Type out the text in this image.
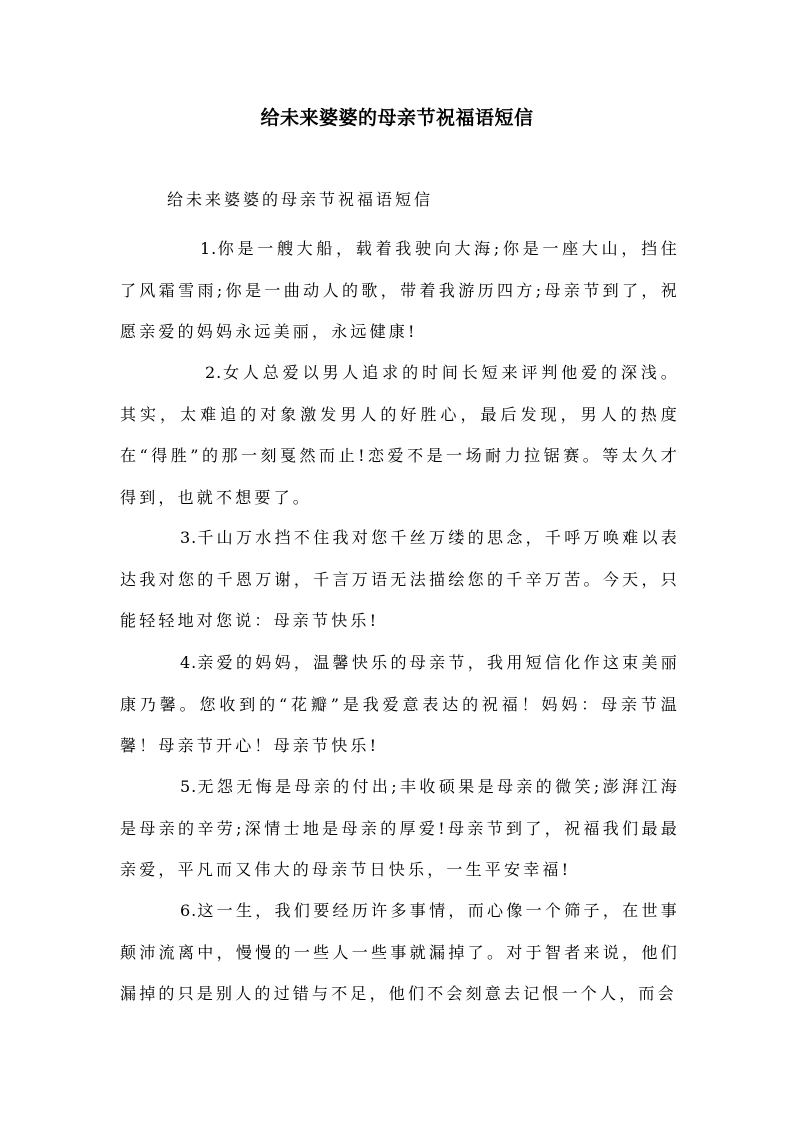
给未来婆婆的母亲节祝福语短信
给未来婆婆的母亲节祝福语短信

1.你是一艘大船，载着我驶向大海;你是一座大山，挡住了风霜雪雨;你是一曲动人的歌，带着我游历四方;母亲节到了，祝愿亲爱的妈妈永远美丽，永远健康!

2.女人总爱以男人追求的时间长短来评判他爱的深浅。其实，太难追的对象激发男人的好胜心，最后发现，男人的热度在“得胜”的那一刻戛然而止!恋爱不是一场耐力拉锯赛。等太久才得到，也就不想要了。

3.千山万水挡不住我对您千丝万缕的思念，千呼万唤难以表达我对您的千恩万谢，千言万语无法描绘您的千辛万苦。今天，只能轻轻地对您说：母亲节快乐!

4.亲爱的妈妈，温馨快乐的母亲节，我用短信化作这束美丽康乃馨。您收到的“花瓣”是我爱意表达的祝福！妈妈：母亲节温馨！母亲节开心！母亲节快乐!

5.无怨无悔是母亲的付出;丰收硕果是母亲的微笑;澎湃江海是母亲的辛劳;深情士地是母亲的厚爱!母亲节到了，祝福我们最最亲爱，平凡而又伟大的母亲节日快乐，一生平安幸福!

6.这一生，我们要经历许多事情，而心像一个筛子，在世事颠沛流离中，慢慢的一些人一些事就漏掉了。对于智者来说，他们漏掉的只是别人的过错与不足，他们不会刻意去记恨一个人，而会
